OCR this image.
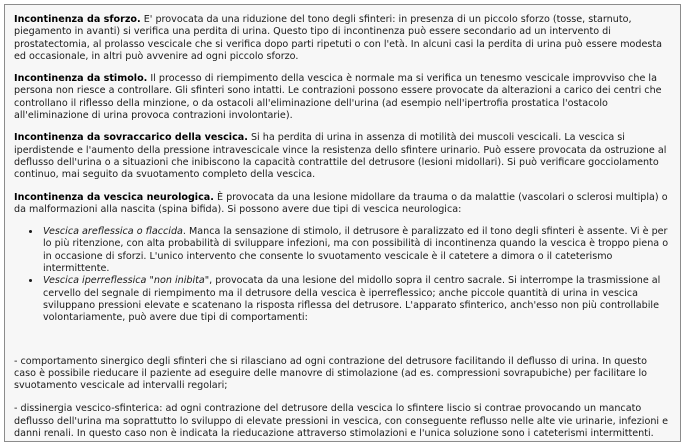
Incontinenza da sforzo. E' provocata da una riduzione del tono degli sfinteri: in presenza di un piccolo sforzo (tosse, starnuto, piegamento in avanti) si verifica una perdita di urina. Questo tipo di incontinenza può essere secondario ad un intervento di prostatectomia, al prolasso vescicale che si verifica dopo parti ripetuti o con l'età. In alcuni casi la perdita di urina può essere modesta ed occasionale, in altri può avvenire ad ogni piccolo sforzo.

Incontinenza da stimolo. Il processo di riempimento della vescica è normale ma si verifica un tenesmo vescicale improvviso che la persona non riesce a controllare. Gli sfinteri sono intatti. Le contrazioni possono essere provocate da alterazioni a carico dei centri che controllano il riflesso della minzione, o da ostacoli all'eliminazione dell'urina (ad esempio nell'ipertrofia prostatica l'ostacolo all'eliminazione di urina provoca contrazioni involontarie).

Incontinenza da sovraccarico della vescica. Si ha perdita di urina in assenza di motilità dei muscoli vescicali. La vescica si iperdistende e l'aumento della pressione intravescicale vince la resistenza dello sfintere urinario. Può essere provocata da ostruzione al deflusso dell'urina o a situazioni che inibiscono la capacità contrattile del detrusore (lesioni midollari). Si può verificare gocciolamento continuo, mai seguito da svuotamento completo della vescica.

Incontinenza da vescica neurologica. È provocata da una lesione midollare da trauma o da malattie (vascolari o sclerosi multipla) o da malformazioni alla nascita (spina bifida). Si possono avere due tipi di vescica neurologica:

• Vescica areflessica o flaccida. Manca la sensazione di stimolo, il detrusore è paralizzato ed il tono degli sfinteri è assente. Vi è per lo più ritenzione, con alta probabilità di sviluppare infezioni, ma con possibilità di incontinenza quando la vescica è troppo piena o in occasione di sforzi. L'unico intervento che consente lo svuotamento vescicale è il catetere a dimora o il cateterismo intermittente.
• Vescica iperreflessica "non inibita", provocata da una lesione del midollo sopra il centro sacrale. Si interrompe la trasmissione al cervello del segnale di riempimento ma il detrusore della vescica è iperreflessico; anche piccole quantità di urina in vescica sviluppano pressioni elevate e scatenano la risposta riflessa del detrusore. L'apparato sfinterico, anch'esso non più controllabile volontariamente, può avere due tipi di comportamenti:

- comportamento sinergico degli sfinteri che si rilasciano ad ogni contrazione del detrusore facilitando il deflusso di urina. In questo caso è possibile rieducare il paziente ad eseguire delle manovre di stimolazione (ad es. compressioni sovrapubiche) per facilitare lo svuotamento vescicale ad intervalli regolari;

- dissinergia vescico-sfinterica: ad ogni contrazione del detrusore della vescica lo sfintere liscio si contrae provocando un mancato deflusso dell'urina ma soprattutto lo sviluppo di elevate pressioni in vescica, con conseguente reflusso nelle alte vie urinarie, infezioni e danni renali. In questo caso non è indicata la rieducazione attraverso stimolazioni e l'unica soluzione sono i cateterismi intermittenti.
